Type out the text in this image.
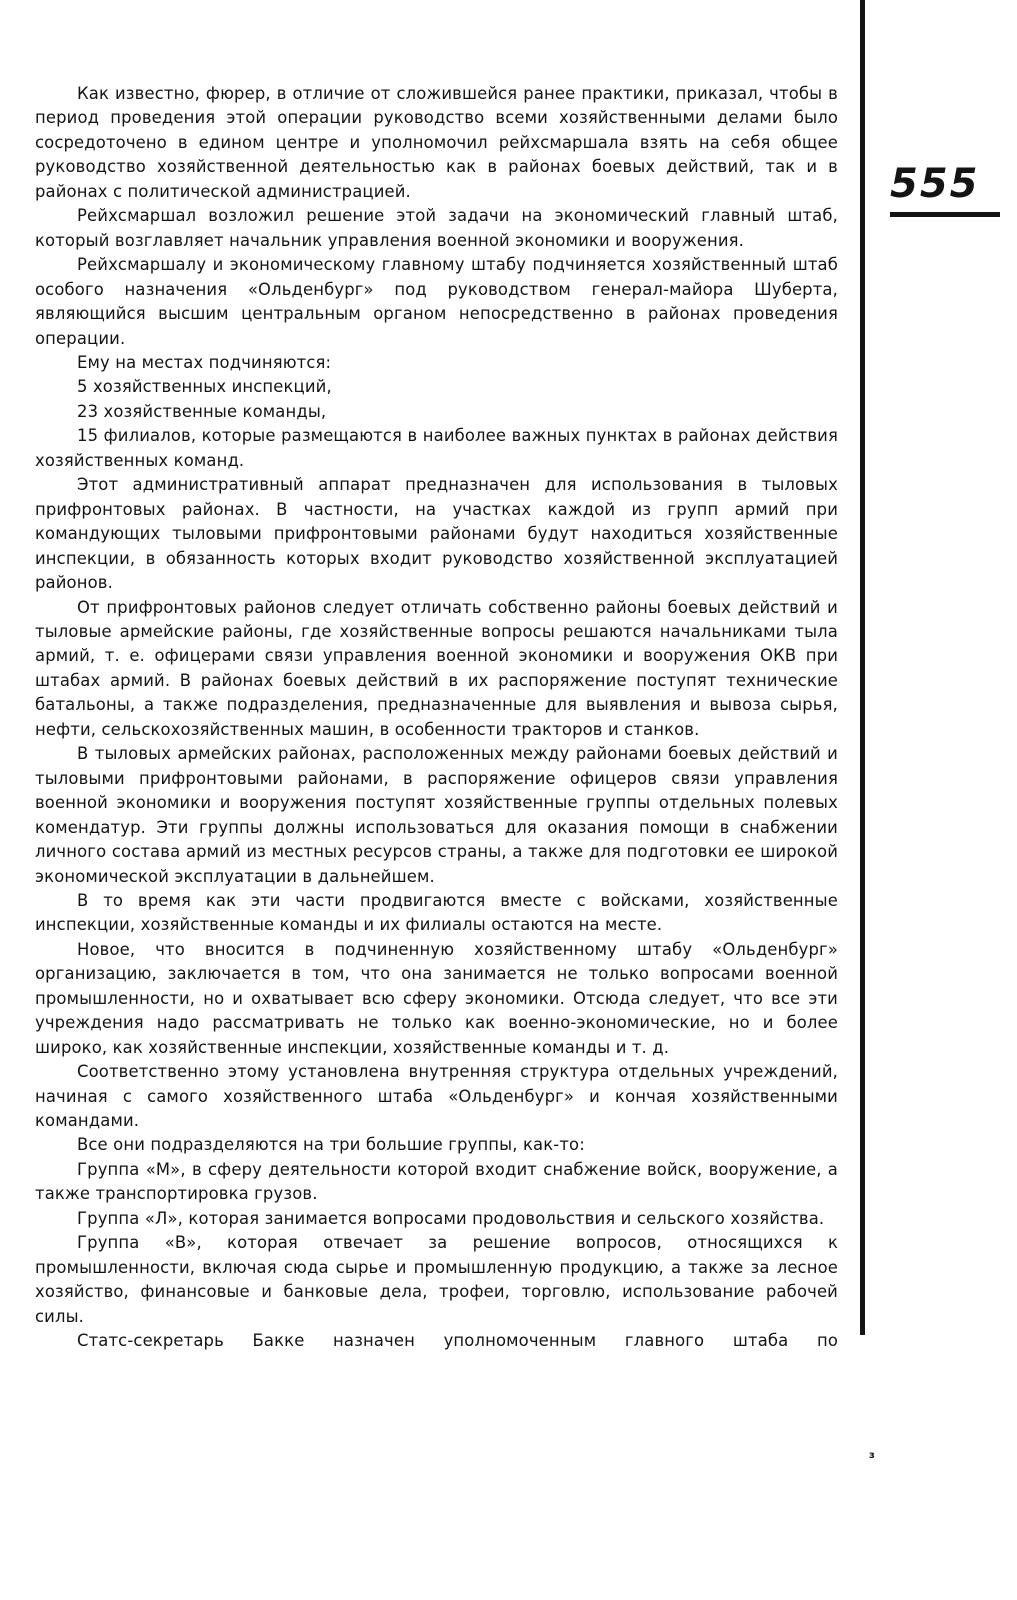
555
з

Как известно, фюрер, в отличие от сложившейся ранее практики, приказал, чтобы в период проведения этой операции руководство всеми хозяйственными делами было сосредоточено в едином центре и уполномочил рейхсмаршала взять на себя общее руководство хозяйственной деятельностью как в районах боевых действий, так и в районах с политической администрацией.

Рейхсмаршал возложил решение этой задачи на экономический главный штаб, который возглавляет начальник управления военной экономики и вооружения.

Рейхсмаршалу и экономическому главному штабу подчиняется хозяйственный штаб особого назначения «Ольденбург» под руководством генерал-майора Шуберта, являющийся высшим центральным органом непосредственно в районах проведения операции.

Ему на местах подчиняются:

5 хозяйственных инспекций,

23 хозяйственные команды,

15 филиалов, которые размещаются в наиболее важных пунктах в районах действия хозяйственных команд.

Этот административный аппарат предназначен для использования в тыловых прифронтовых районах. В частности, на участках каждой из групп армий при командующих тыловыми прифронтовыми районами будут находиться хозяйственные инспекции, в обязанность которых входит руководство хозяйственной эксплуатацией районов.

От прифронтовых районов следует отличать собственно районы боевых действий и тыловые армейские районы, где хозяйственные вопросы решаются начальниками тыла армий, т. е. офицерами связи управления военной экономики и вооружения ОКВ при штабах армий. В районах боевых действий в их распоряжение поступят технические батальоны, а также подразделения, предназначенные для выявления и вывоза сырья, нефти, сельскохозяйственных машин, в особенности тракторов и станков.

В тыловых армейских районах, расположенных между районами боевых действий и тыловыми прифронтовыми районами, в распоряжение офицеров связи управления военной экономики и вооружения поступят хозяйственные группы отдельных полевых комендатур. Эти группы должны использоваться для оказания помощи в снабжении личного состава армий из местных ресурсов страны, а также для подготовки ее широкой экономической эксплуатации в дальнейшем.

В то время как эти части продвигаются вместе с войсками, хозяйственные инспекции, хозяйственные команды и их филиалы остаются на месте.

Новое, что вносится в подчиненную хозяйственному штабу «Ольденбург» организацию, заключается в том, что она занимается не только вопросами военной промышленности, но и охватывает всю сферу экономики. Отсюда следует, что все эти учреждения надо рассматривать не только как военно-экономические, но и более широко, как хозяйственные инспекции, хозяйственные команды и т. д.

Соответственно этому установлена внутренняя структура отдельных учреждений, начиная с самого хозяйственного штаба «Ольденбург» и кончая хозяйственными командами.

Все они подразделяются на три большие группы, как-то:

Группа «М», в сферу деятельности которой входит снабжение войск, вооружение, а также транспортировка грузов.

Группа «Л», которая занимается вопросами продовольствия и сельского хозяйства.

Группа «В», которая отвечает за решение вопросов, относящихся к промышленности, включая сюда сырье и промышленную продукцию, а также за лесное хозяйство, финансовые и банковые дела, трофеи, торговлю, использование рабочей силы.

Статс-секретарь Бакке назначен уполномоченным главного штаба по
